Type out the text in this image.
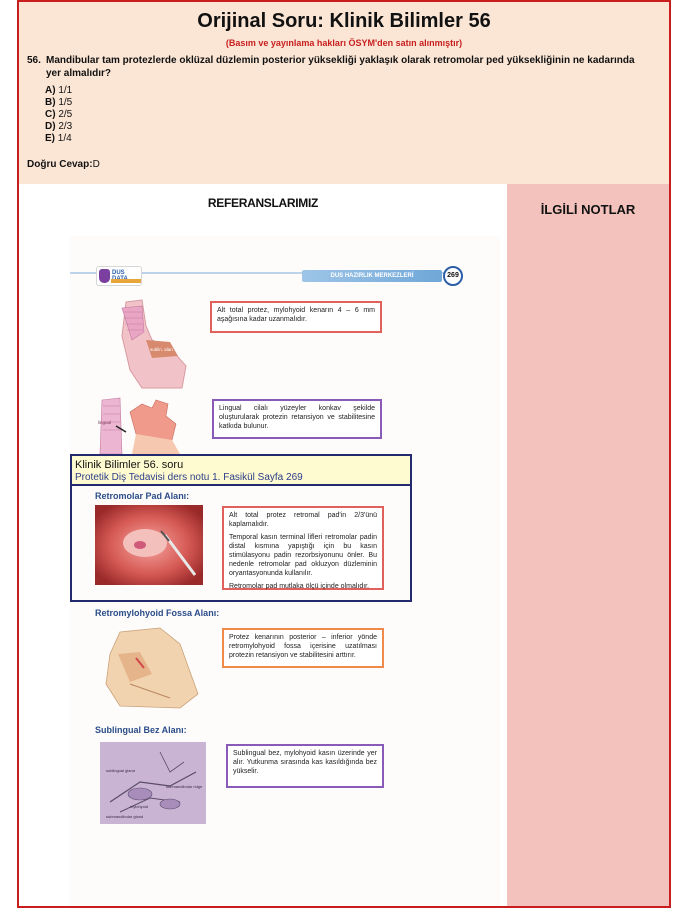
Orijinal Soru: Klinik Bilimler 56
(Basım ve yayınlama hakları ÖSYM'den satın alınmıştır)
56. Mandibular tam protezlerde oklüzal düzlemin posterior yüksekliği yaklaşık olarak retromolar ped yüksekliğinin ne kadarında yer almalıdır?
A) 1/1
B) 1/5
C) 2/5
D) 2/3
E) 1/4
Doğru Cevap:D
İLGİLİ NOTLAR
REFERANSLARIMIZ
DUS	DUS HAZIRLIK MERKEZLERİ	269
sublin. alan
Alt total protez, mylohyoid kenarın 4 – 6 mm aşağısına kadar uzanmalıdır.
lingual
Lingual cilalı yüzeyler konkav şekilde oluşturularak protezin retansiyon ve stabilitesine katkıda bulunur.
Klinik Bilimler 56. soru
Protetik Diş Tedavisi ders notu 1. Fasikül Sayfa 269
Retromolar Pad Alanı:
Alt total protez retromal pad'in 2/3'ünü kaplamalıdır.
Temporal kasın terminal lifleri retromolar padin distal kısmına yapıştığı için bu kasın stimülasyonu padin rezorbsiyonunu önler. Bu nedenle retromolar pad okluzyon düzleminin oryantasyonunda kullanılır.
Retromolar pad mutlaka ölçü içinde olmalıdır.
Retromylohyoid Fossa Alanı:
Protez kenarının posterior – inferior yönde retromylohyoid fossa içerisine uzatılması protezin retansiyon ve stabilitesini arttırır.
Sublingual Bez Alanı:
sublingual gland
submandibular ridge
mylohyoid
submandibular gland
Sublingual bez, mylohyoid kasın üzerinde yer alır. Yutkunma sırasında kas kasıldığında bez yükselir.
